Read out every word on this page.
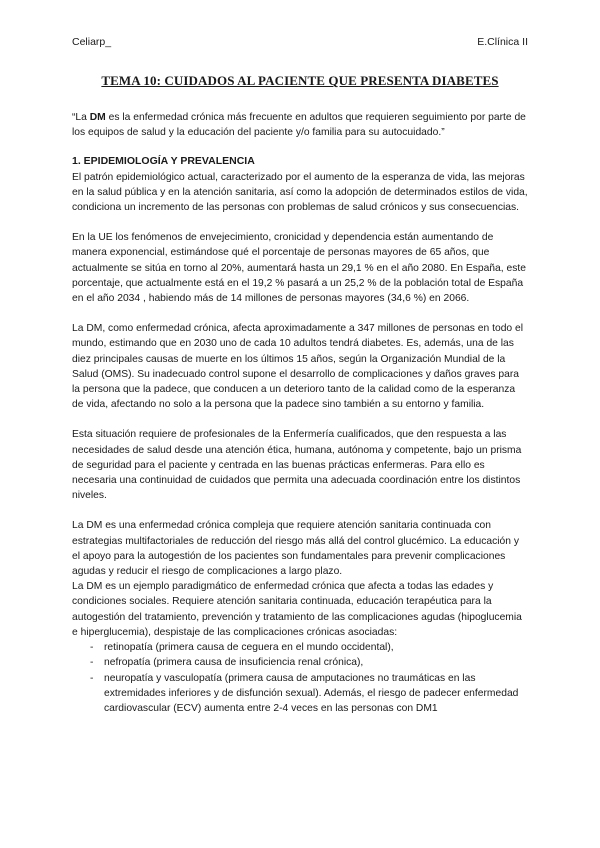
Celiarp_	E.Clínica II
TEMA 10: CUIDADOS AL PACIENTE QUE PRESENTA DIABETES

“La DM es la enfermedad crónica más frecuente en adultos que requieren seguimiento por parte de los equipos de salud y la educación del paciente y/o familia para su autocuidado.”

1. EPIDEMIOLOGÍA Y PREVALENCIA

El patrón epidemiológico actual, caracterizado por el aumento de la esperanza de vida, las mejoras en la salud pública y en la atención sanitaria, así como la adopción de determinados estilos de vida, condiciona un incremento de las personas con problemas de salud crónicos y sus consecuencias.

En la UE los fenómenos de envejecimiento, cronicidad y dependencia están aumentando de manera exponencial, estimándose qué el porcentaje de personas mayores de 65 años, que actualmente se sitúa en torno al 20%, aumentará hasta un 29,1 % en el año 2080. En España, este porcentaje, que actualmente está en el 19,2 % pasará a un 25,2 % de la población total de España en el año 2034 , habiendo más de 14 millones de personas mayores (34,6 %) en 2066.

La DM, como enfermedad crónica, afecta aproximadamente a 347 millones de personas en todo el mundo, estimando que en 2030 uno de cada 10 adultos tendrá diabetes. Es, además, una de las diez principales causas de muerte en los últimos 15 años, según la Organización Mundial de la Salud (OMS). Su inadecuado control supone el desarrollo de complicaciones y daños graves para la persona que la padece, que conducen a un deterioro tanto de la calidad como de la esperanza de vida, afectando no solo a la persona que la padece sino también a su entorno y familia.

Esta situación requiere de profesionales de la Enfermería cualificados, que den respuesta a las necesidades de salud desde una atención ética, humana, autónoma y competente, bajo un prisma de seguridad para el paciente y centrada en las buenas prácticas enfermeras. Para ello es necesaria una continuidad de cuidados que permita una adecuada coordinación entre los distintos niveles.

La DM es una enfermedad crónica compleja que requiere atención sanitaria continuada con estrategias multifactoriales de reducción del riesgo más allá del control glucémico. La educación y el apoyo para la autogestión de los pacientes son fundamentales para prevenir complicaciones agudas y reducir el riesgo de complicaciones a largo plazo.

La DM es un ejemplo paradigmático de enfermedad crónica que afecta a todas las edades y condiciones sociales. Requiere atención sanitaria continuada, educación terapéutica para la autogestión del tratamiento, prevención y tratamiento de las complicaciones agudas (hipoglucemia e hiperglucemia), despistaje de las complicaciones crónicas asociadas:

- retinopatía (primera causa de ceguera en el mundo occidental),
- nefropatía (primera causa de insuficiencia renal crónica),
- neuropatía y vasculopatía (primera causa de amputaciones no traumáticas en las extremidades inferiores y de disfunción sexual). Además, el riesgo de padecer enfermedad cardiovascular (ECV) aumenta entre 2-4 veces en las personas con DM1
